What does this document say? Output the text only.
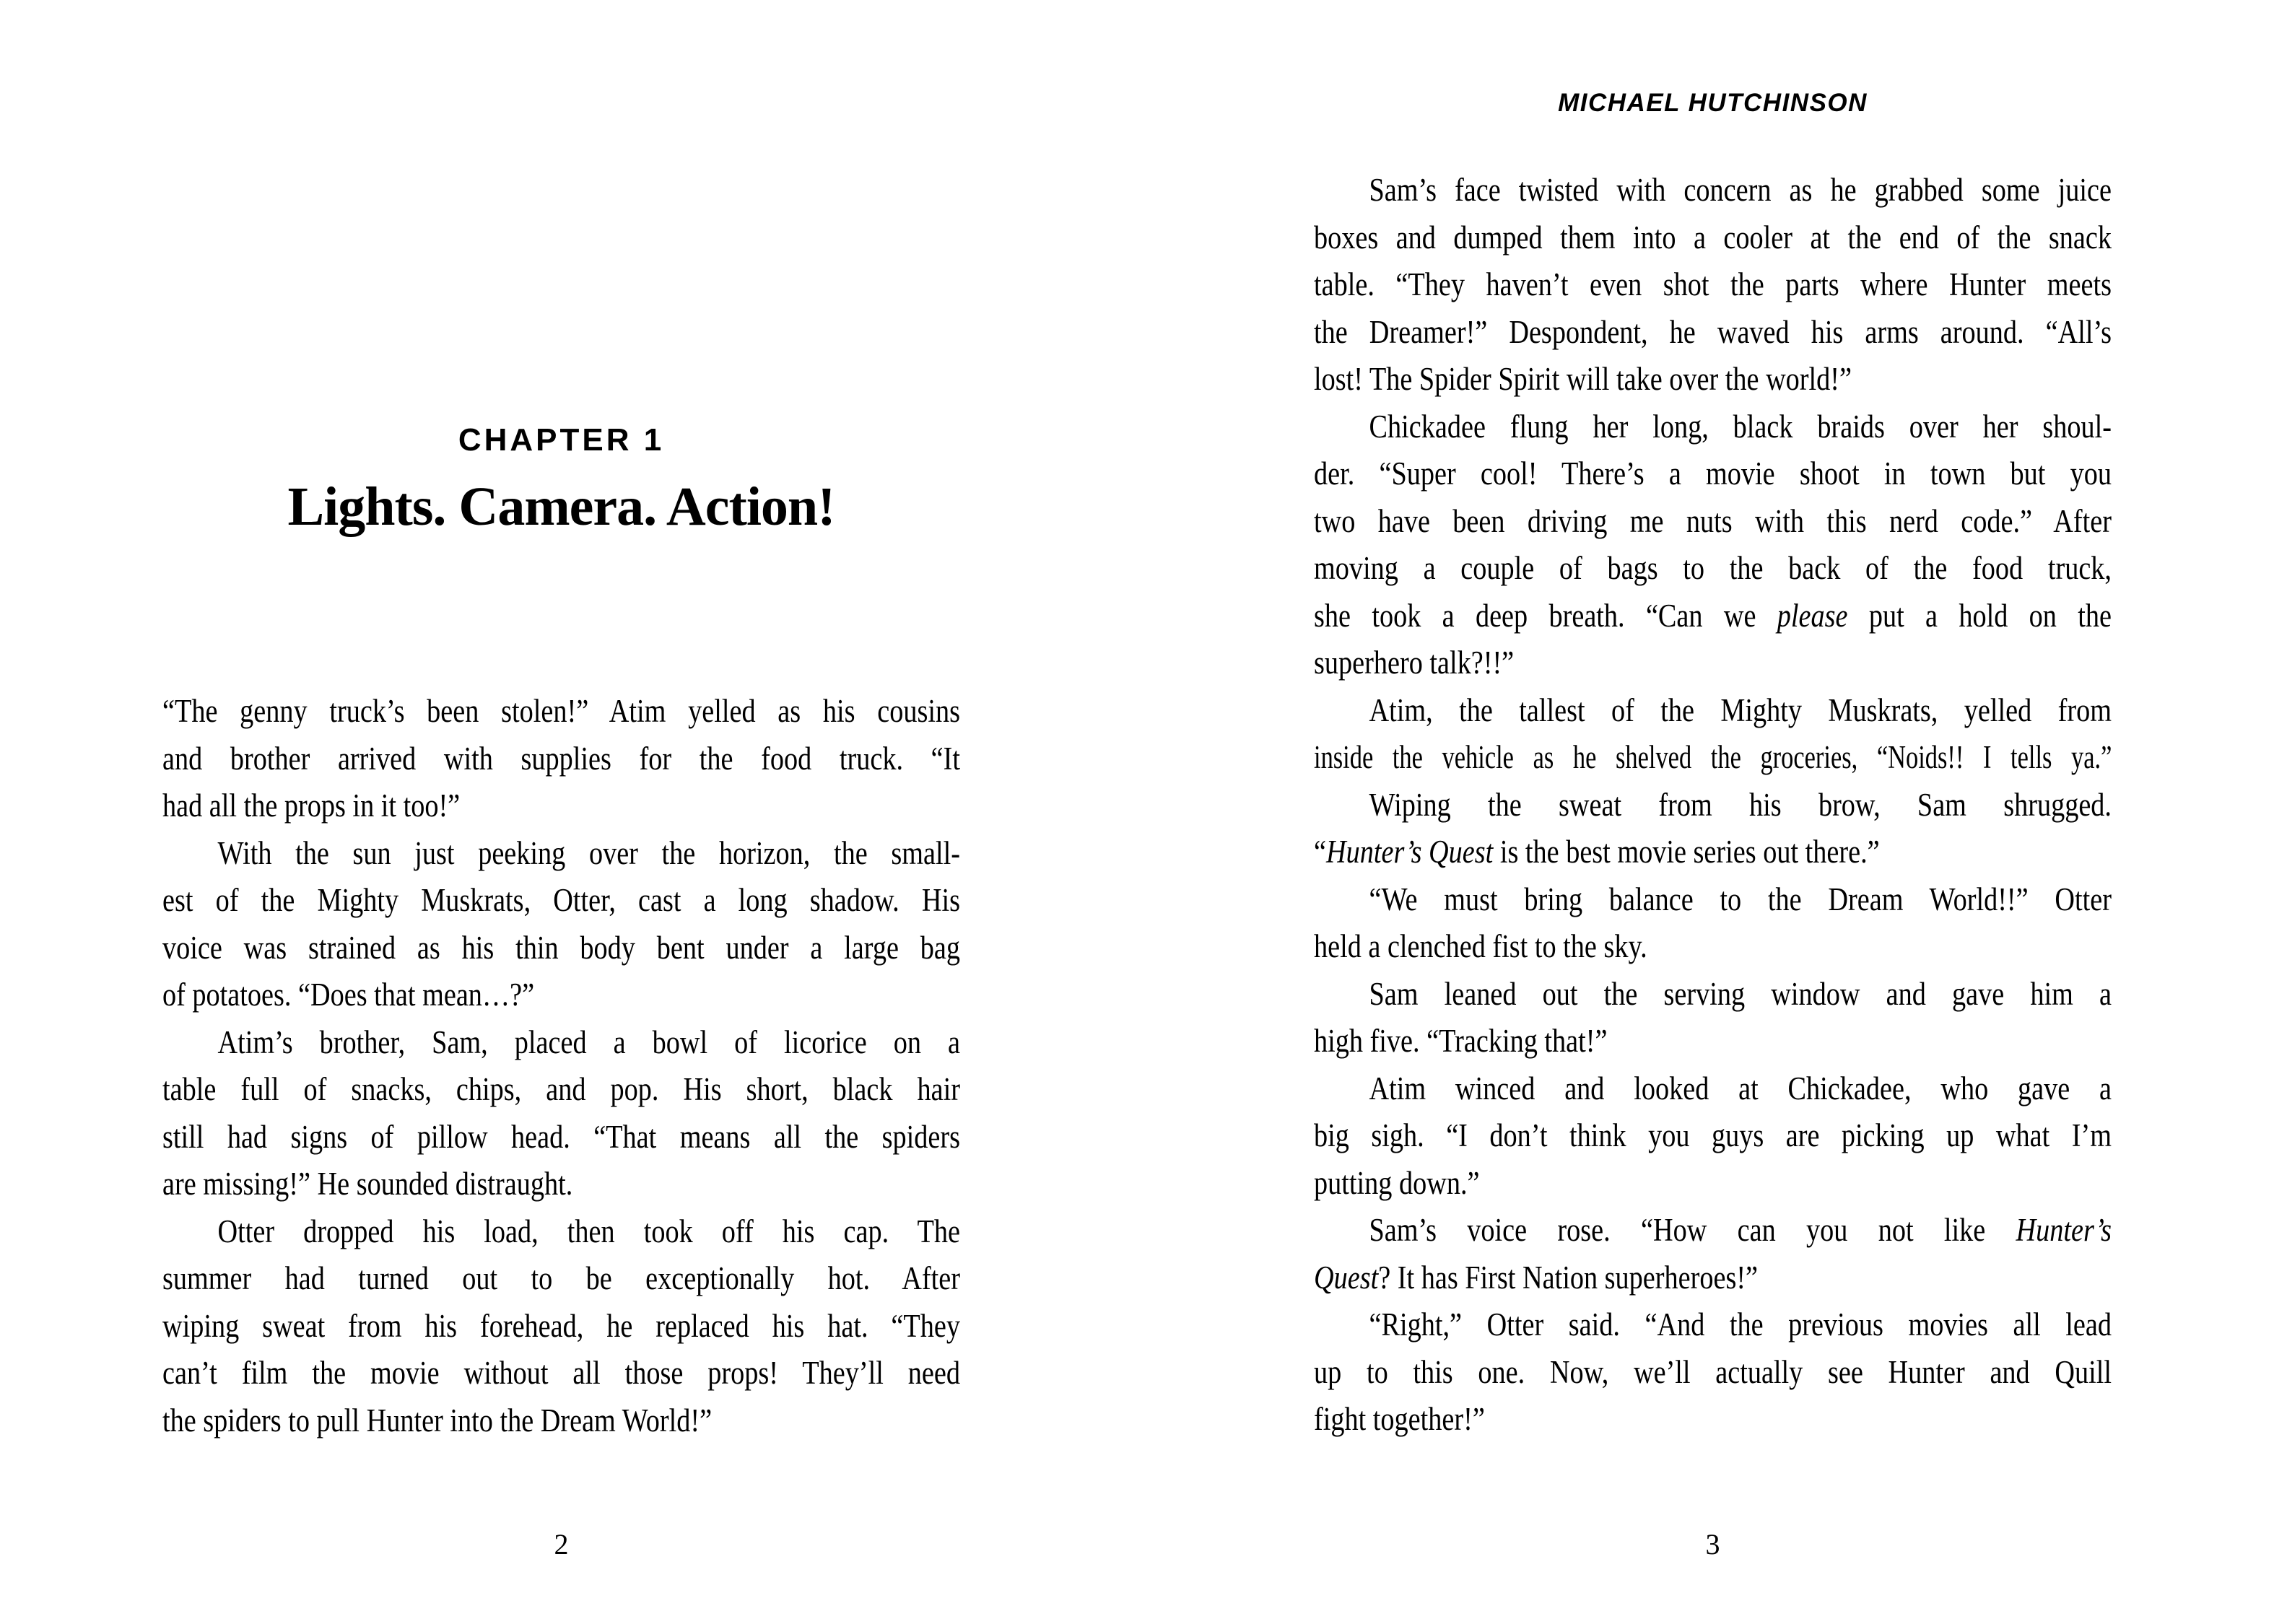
CHAPTER 1
Lights. Camera. Action!
“The genny truck’s been stolen!” Atim yelled as his cousins
and brother arrived with supplies for the food truck. “It
had all the props in it too!”
With the sun just peeking over the horizon, the small-
est of the Mighty Muskrats, Otter, cast a long shadow. His
voice was strained as his thin body bent under a large bag
of potatoes. “Does that mean…?”
Atim’s brother, Sam, placed a bowl of licorice on a
table full of snacks, chips, and pop. His short, black hair
still had signs of pillow head. “That means all the spiders
are missing!” He sounded distraught.
Otter dropped his load, then took off his cap. The
summer had turned out to be exceptionally hot. After
wiping sweat from his forehead, he replaced his hat. “They
can’t film the movie without all those props! They’ll need
the spiders to pull Hunter into the Dream World!”
2
MICHAEL HUTCHINSON
Sam’s face twisted with concern as he grabbed some juice
boxes and dumped them into a cooler at the end of the snack
table. “They haven’t even shot the parts where Hunter meets
the Dreamer!” Despondent, he waved his arms around. “All’s
lost! The Spider Spirit will take over the world!”
Chickadee flung her long, black braids over her shoul-
der. “Super cool! There’s a movie shoot in town but you
two have been driving me nuts with this nerd code.” After
moving a couple of bags to the back of the food truck,
she took a deep breath. “Can we please put a hold on the
superhero talk?!!”
Atim, the tallest of the Mighty Muskrats, yelled from
inside the vehicle as he shelved the groceries, “Noids!! I tells ya.”
Wiping the sweat from his brow, Sam shrugged.
“Hunter’s Quest is the best movie series out there.”
“We must bring balance to the Dream World!!” Otter
held a clenched fist to the sky.
Sam leaned out the serving window and gave him a
high five. “Tracking that!”
Atim winced and looked at Chickadee, who gave a
big sigh. “I don’t think you guys are picking up what I’m
putting down.”
Sam’s voice rose. “How can you not like Hunter’s
Quest? It has First Nation superheroes!”
“Right,” Otter said. “And the previous movies all lead
up to this one. Now, we’ll actually see Hunter and Quill
fight together!”
3
